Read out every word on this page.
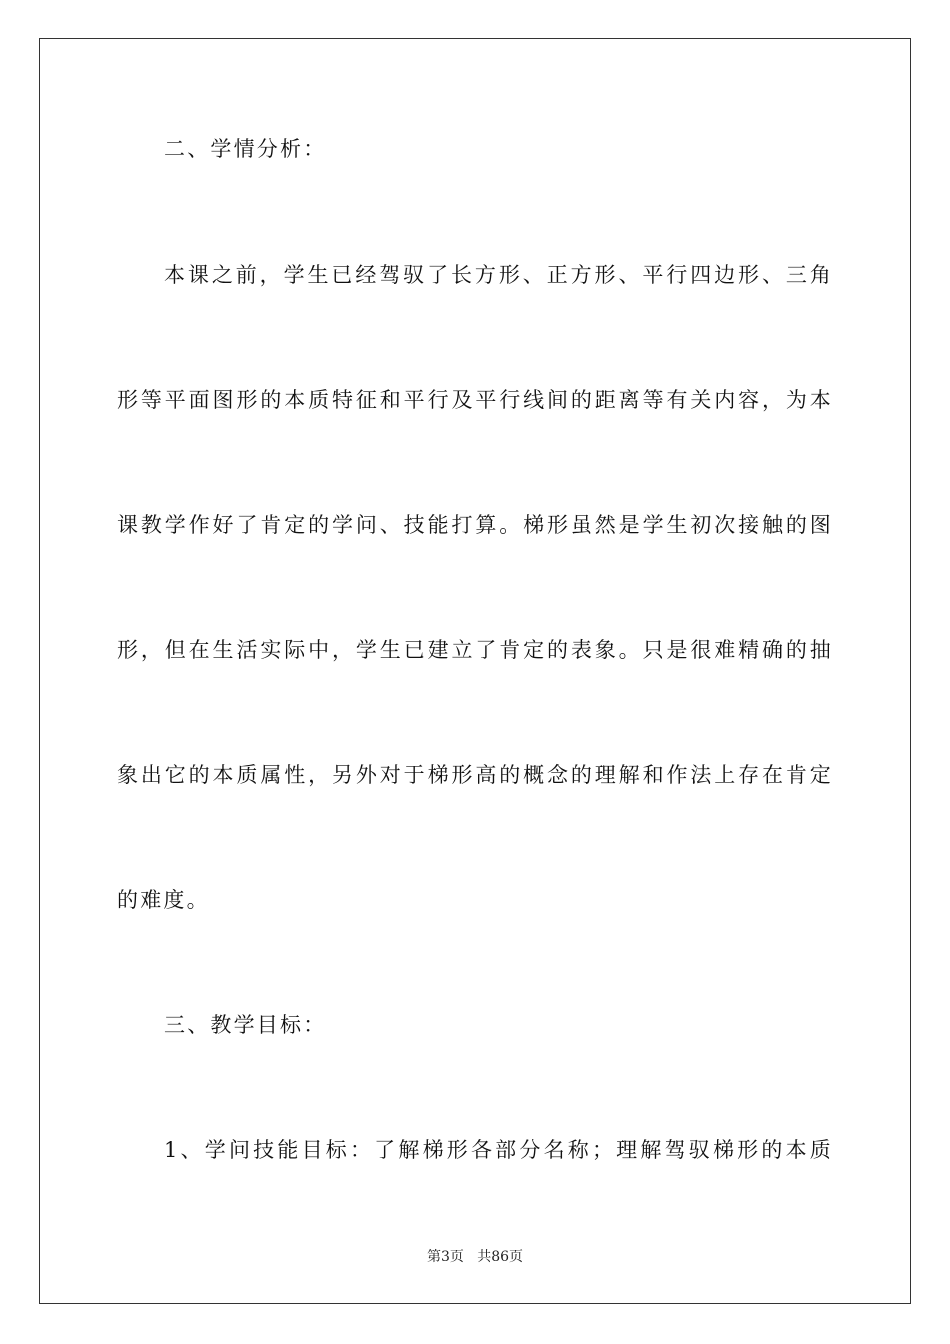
二、学情分析：
本课之前，学生已经驾驭了长方形、正方形、平行四边形、三角
形等平面图形的本质特征和平行及平行线间的距离等有关内容，为本
课教学作好了肯定的学问、技能打算。梯形虽然是学生初次接触的图
形，但在生活实际中，学生已建立了肯定的表象。只是很难精确的抽
象出它的本质属性，另外对于梯形高的概念的理解和作法上存在肯定
的难度。
三、教学目标：
1、学问技能目标：了解梯形各部分名称；理解驾驭梯形的本质
第3页   共86页
